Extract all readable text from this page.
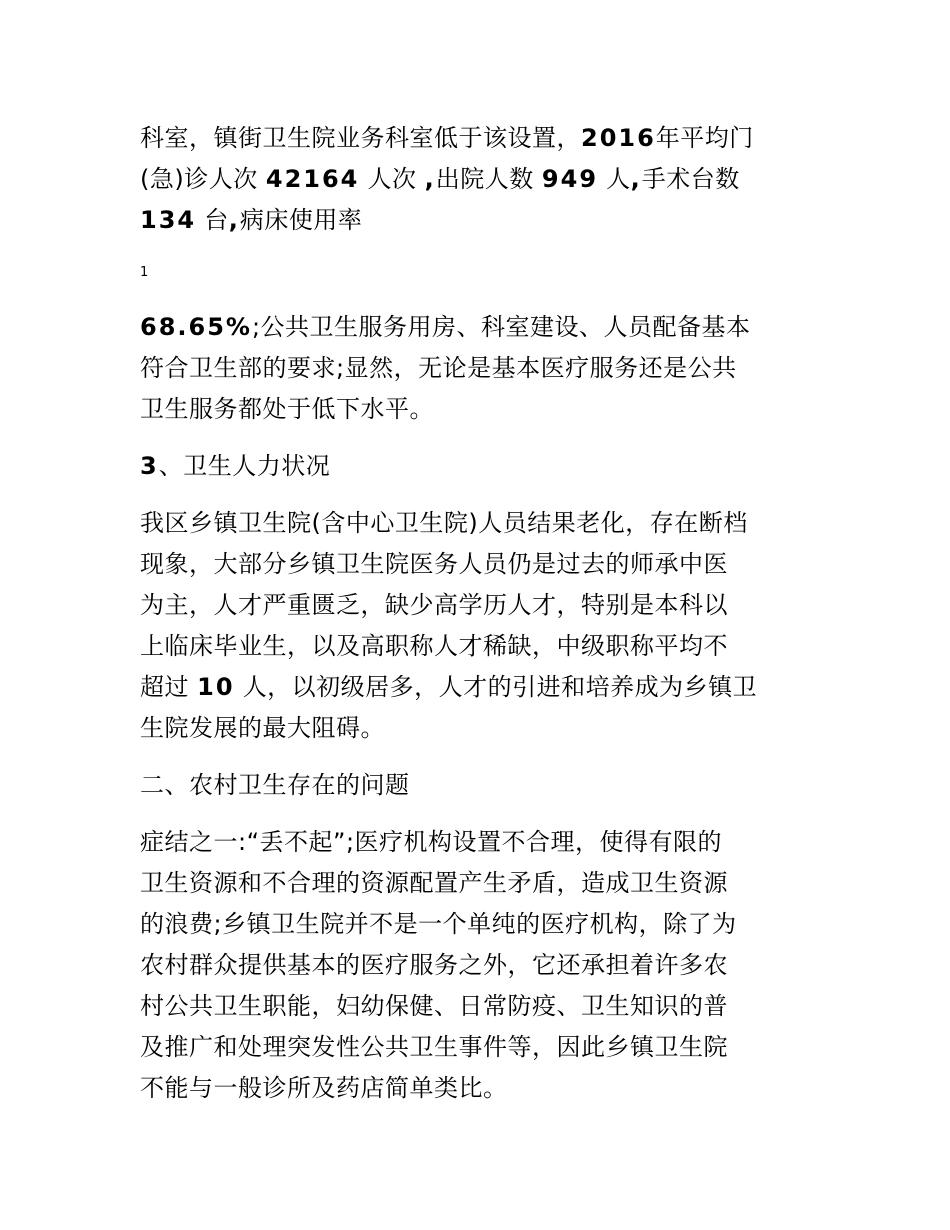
科室，镇街卫生院业务科室低于该设置，2016年平均门
(急)诊人次 42164 人次 ,出院人数 949 人,手术台数
134 台,病床使用率

1

68.65%;公共卫生服务用房、科室建设、人员配备基本
符合卫生部的要求;显然，无论是基本医疗服务还是公共
卫生服务都处于低下水平。

3、卫生人力状况

我区乡镇卫生院(含中心卫生院)人员结果老化，存在断档
现象，大部分乡镇卫生院医务人员仍是过去的师承中医
为主，人才严重匮乏，缺少高学历人才，特别是本科以
上临床毕业生，以及高职称人才稀缺，中级职称平均不
超过 10 人，以初级居多，人才的引进和培养成为乡镇卫
生院发展的最大阻碍。

二、农村卫生存在的问题

症结之一:“丢不起”;医疗机构设置不合理，使得有限的
卫生资源和不合理的资源配置产生矛盾，造成卫生资源
的浪费;乡镇卫生院并不是一个单纯的医疗机构，除了为
农村群众提供基本的医疗服务之外，它还承担着许多农
村公共卫生职能，妇幼保健、日常防疫、卫生知识的普
及推广和处理突发性公共卫生事件等，因此乡镇卫生院
不能与一般诊所及药店简单类比。
